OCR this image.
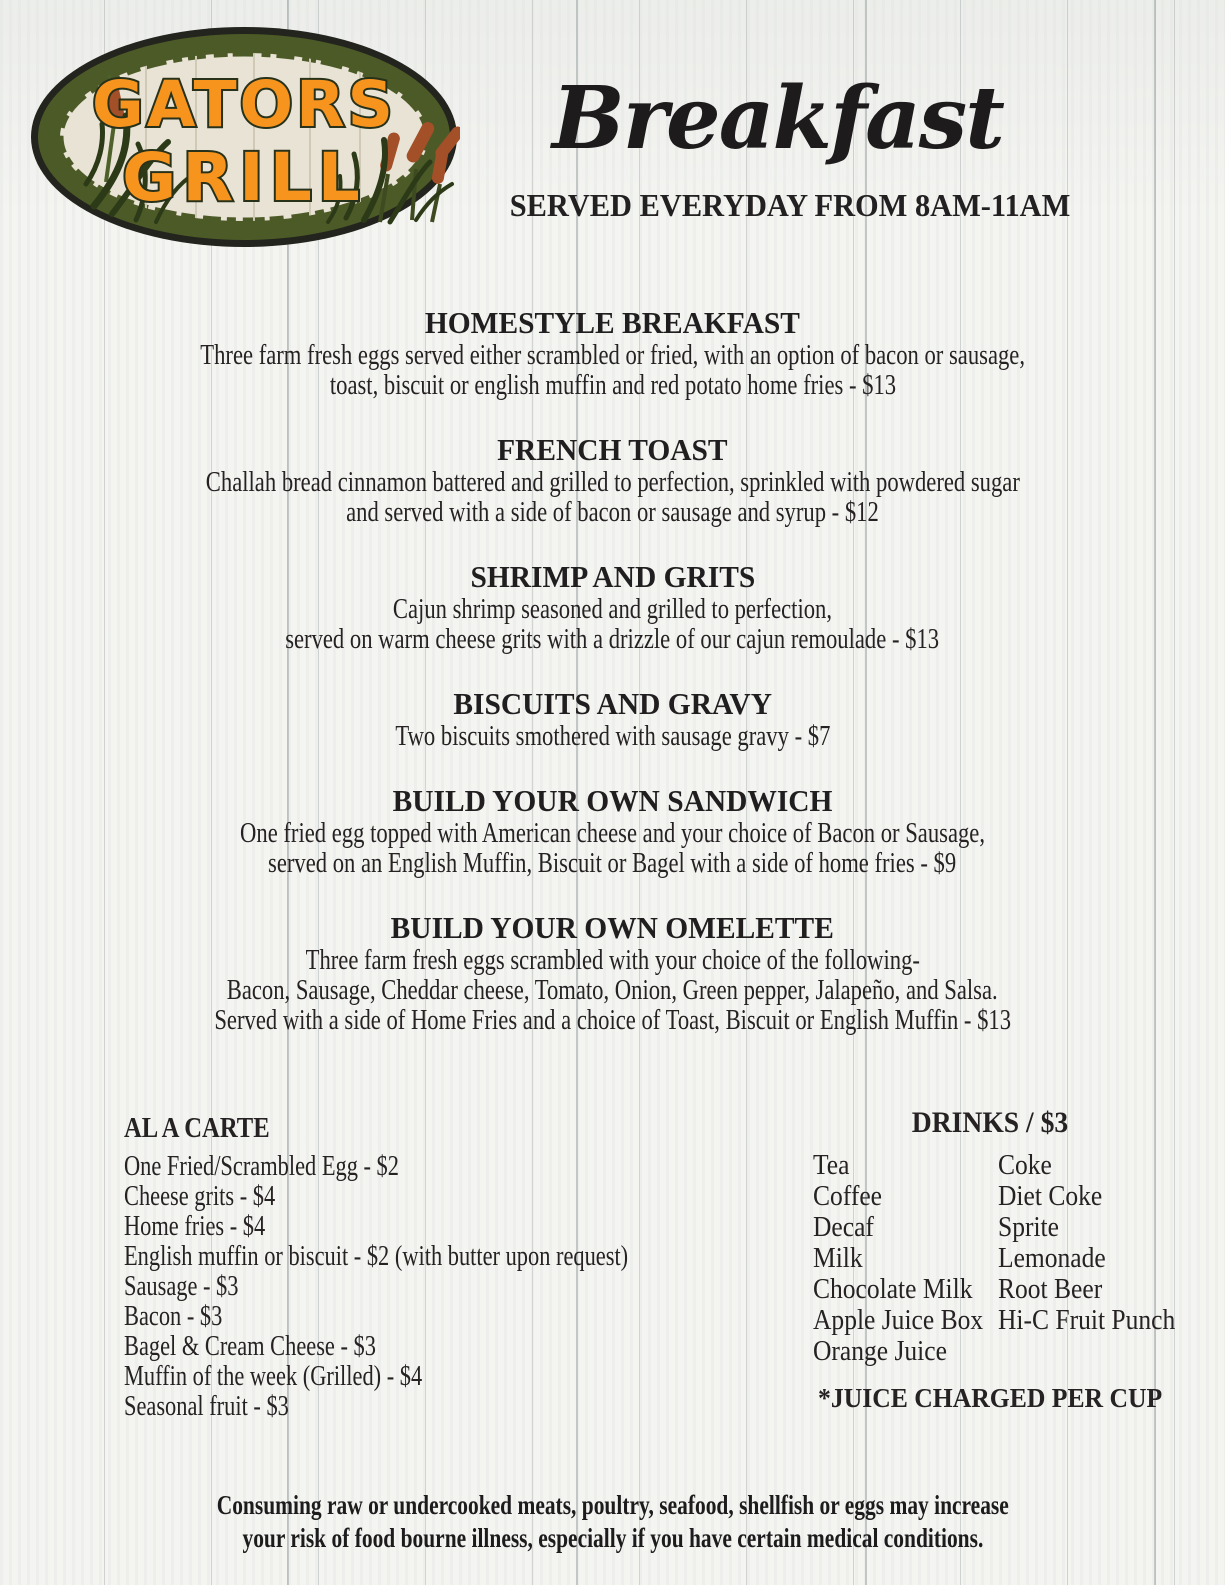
GATORS
GRILL
Breakfast
SERVED EVERYDAY FROM 8AM-11AM
HOMESTYLE BREAKFAST
Three farm fresh eggs served either scrambled or fried, with an option of bacon or sausage,
toast, biscuit or english muffin and red potato home fries - $13
FRENCH TOAST
Challah bread cinnamon battered and grilled to perfection, sprinkled with powdered sugar
and served with a side of bacon or sausage and syrup - $12
SHRIMP AND GRITS
Cajun shrimp seasoned and grilled to perfection,
served on warm cheese grits with a drizzle of our cajun remoulade - $13
BISCUITS AND GRAVY
Two biscuits smothered with sausage gravy - $7
BUILD YOUR OWN SANDWICH
One fried egg topped with American cheese and your choice of Bacon or Sausage,
served on an English Muffin, Biscuit or Bagel with a side of home fries - $9
BUILD YOUR OWN OMELETTE
Three farm fresh eggs scrambled with your choice of the following-
Bacon, Sausage, Cheddar cheese, Tomato, Onion, Green pepper, Jalapeño, and Salsa.
Served with a side of Home Fries and a choice of Toast, Biscuit or English Muffin - $13
AL A CARTE
One Fried/Scrambled Egg - $2
Cheese grits - $4
Home fries - $4
English muffin or biscuit - $2 (with butter upon request)
Sausage - $3
Bacon - $3
Bagel & Cream Cheese - $3
Muffin of the week (Grilled) - $4
Seasonal fruit - $3
DRINKS / $3
Tea
Coffee
Decaf
Milk
Chocolate Milk
Apple Juice Box
Orange Juice
Coke
Diet Coke
Sprite
Lemonade
Root Beer
Hi-C Fruit Punch
*JUICE CHARGED PER CUP
Consuming raw or undercooked meats, poultry, seafood, shellfish or eggs may increase
your risk of food bourne illness, especially if you have certain medical conditions.
